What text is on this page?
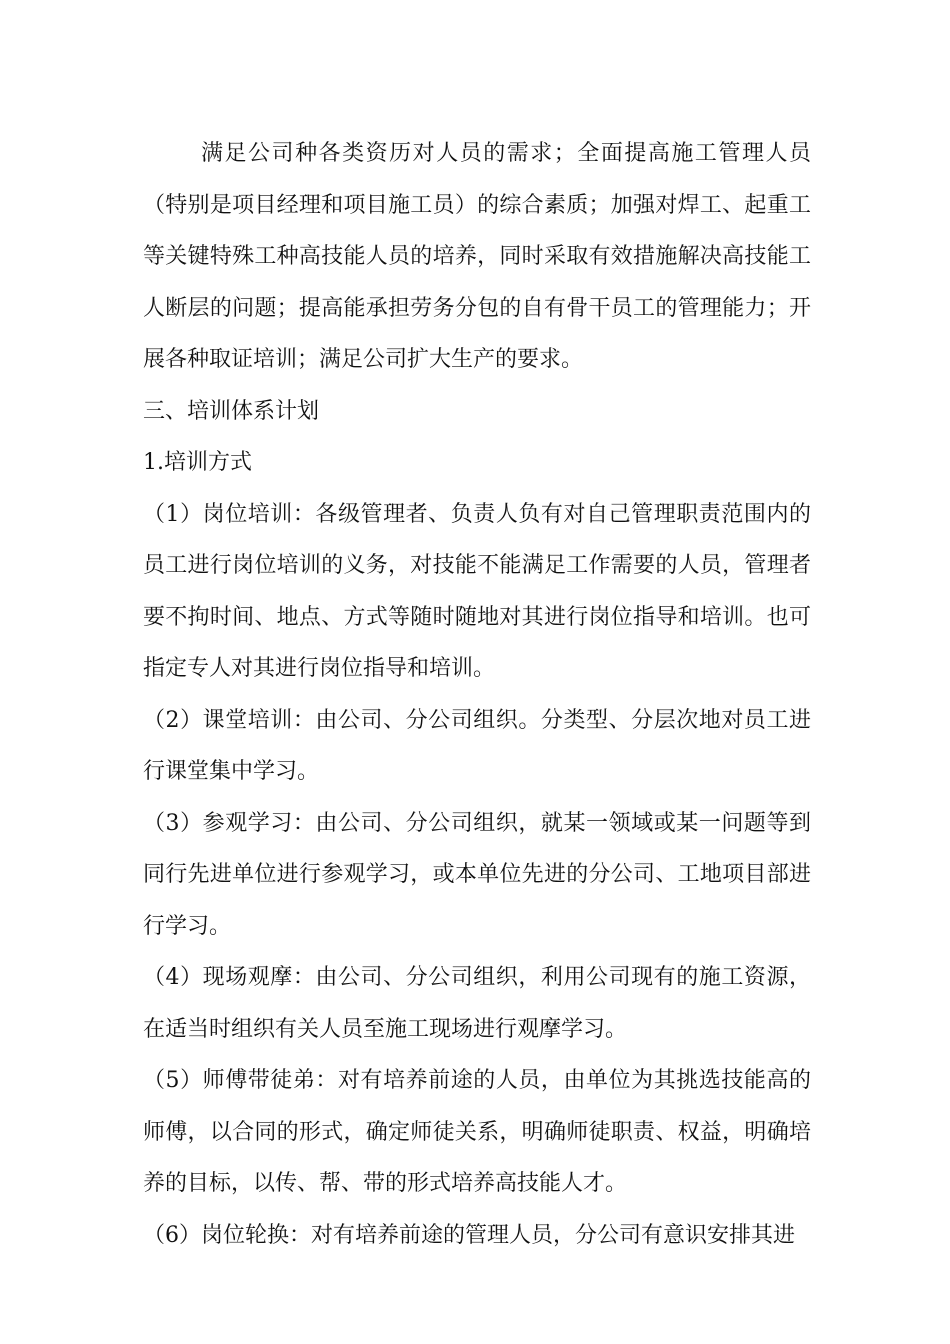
满足公司种各类资历对人员的需求；全面提高施工管理人员（特别是项目经理和项目施工员）的综合素质；加强对焊工、起重工等关键特殊工种高技能人员的培养，同时采取有效措施解决高技能工人断层的问题；提高能承担劳务分包的自有骨干员工的管理能力；开展各种取证培训；满足公司扩大生产的要求。

三、培训体系计划

1.培训方式

（1）岗位培训：各级管理者、负责人负有对自己管理职责范围内的员工进行岗位培训的义务，对技能不能满足工作需要的人员，管理者要不拘时间、地点、方式等随时随地对其进行岗位指导和培训。也可指定专人对其进行岗位指导和培训。

（2）课堂培训：由公司、分公司组织。分类型、分层次地对员工进行课堂集中学习。

（3）参观学习：由公司、分公司组织，就某一领域或某一问题等到同行先进单位进行参观学习，或本单位先进的分公司、工地项目部进行学习。

（4）现场观摩：由公司、分公司组织，利用公司现有的施工资源，在适当时组织有关人员至施工现场进行观摩学习。

（5）师傅带徒弟：对有培养前途的人员，由单位为其挑选技能高的师傅，以合同的形式，确定师徒关系，明确师徒职责、权益，明确培养的目标，以传、帮、带的形式培养高技能人才。

（6）岗位轮换：对有培养前途的管理人员，分公司有意识安排其进
